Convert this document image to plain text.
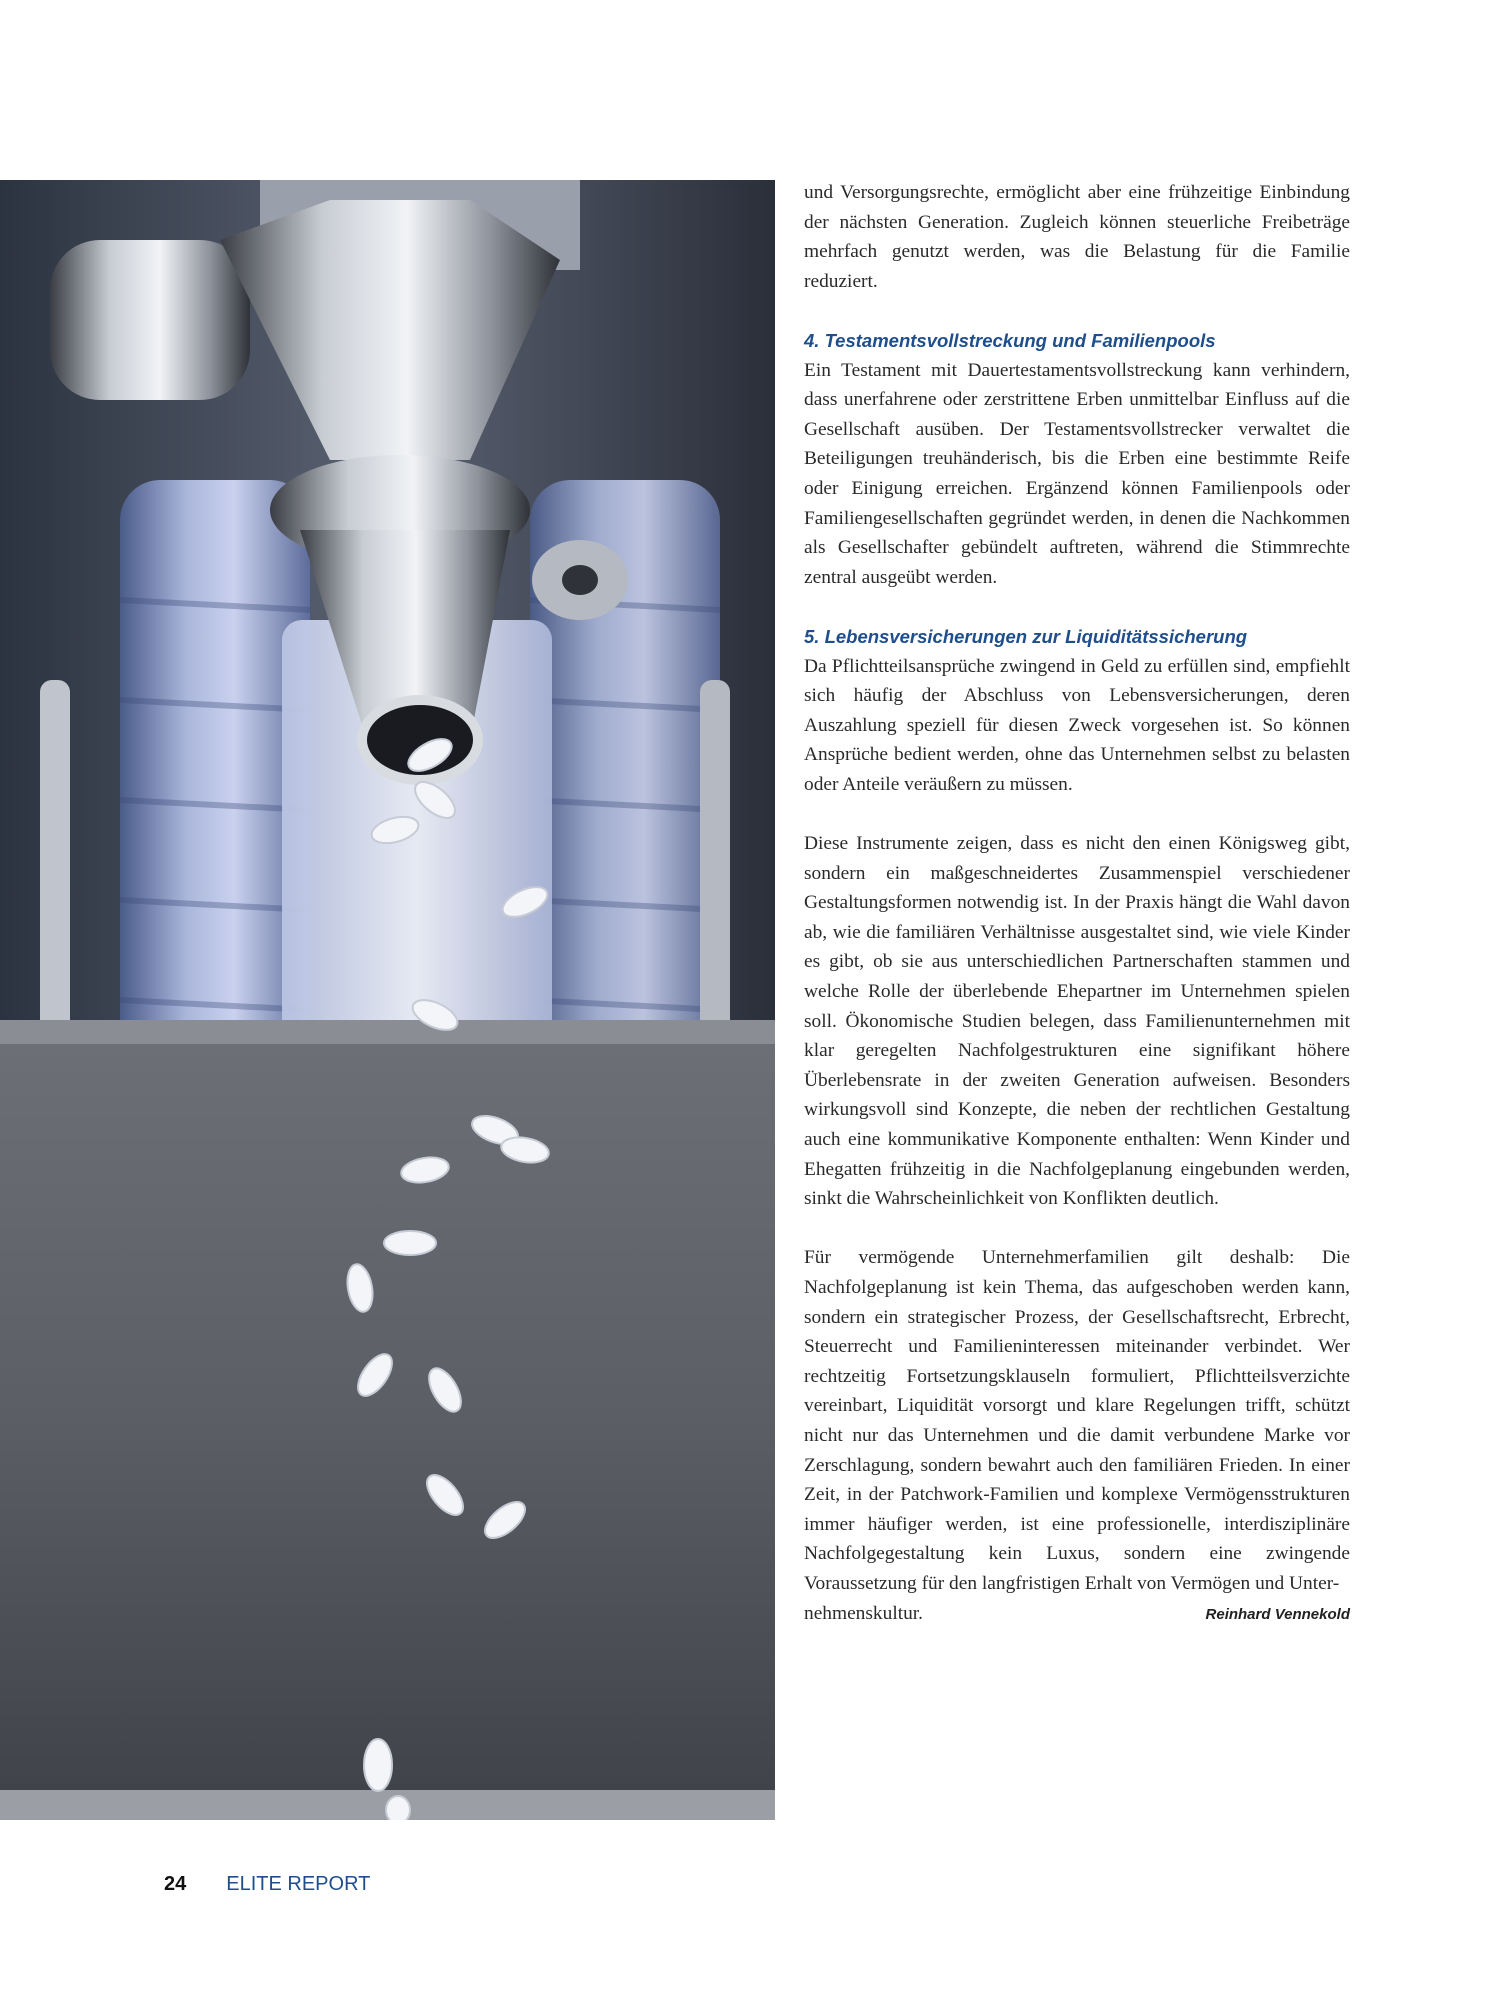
und Versorgungsrechte, ermöglicht aber eine frühzeitige Einbindung der nächsten Generation. Zugleich können steuerliche Freibeträge mehrfach genutzt werden, was die Belastung für die Familie reduziert.

4. Testamentsvollstreckung und Familienpools

Ein Testament mit Dauertestamentsvollstreckung kann verhindern, dass unerfahrene oder zerstrittene Erben unmittelbar Einfluss auf die Gesellschaft ausüben. Der Testamentsvollstrecker verwaltet die Beteiligungen treuhänderisch, bis die Erben eine bestimmte Reife oder Einigung erreichen. Ergänzend können Familienpools oder Familiengesellschaften gegründet werden, in denen die Nachkommen als Gesellschafter gebündelt auftreten, während die Stimmrechte zentral ausgeübt werden.

5. Lebensversicherungen zur Liquiditätssicherung

Da Pflichtteilsansprüche zwingend in Geld zu erfüllen sind, empfiehlt sich häufig der Abschluss von Lebensversicherungen, deren Auszahlung speziell für diesen Zweck vorgesehen ist. So können Ansprüche bedient werden, ohne das Unternehmen selbst zu belasten oder Anteile veräußern zu müssen.

Diese Instrumente zeigen, dass es nicht den einen Königsweg gibt, sondern ein maßgeschneidertes Zusammenspiel verschiedener Gestaltungsformen notwendig ist. In der Praxis hängt die Wahl davon ab, wie die familiären Verhältnisse ausgestaltet sind, wie viele Kinder es gibt, ob sie aus unterschiedlichen Partnerschaften stammen und welche Rolle der überlebende Ehepartner im Unternehmen spielen soll. Ökonomische Studien belegen, dass Familienunternehmen mit klar geregelten Nachfolgestrukturen eine signifikant höhere Überlebensrate in der zweiten Generation aufweisen. Besonders wirkungsvoll sind Konzepte, die neben der rechtlichen Gestaltung auch eine kommunikative Komponente enthalten: Wenn Kinder und Ehegatten frühzeitig in die Nachfolgeplanung eingebunden werden, sinkt die Wahrscheinlichkeit von Konflikten deutlich.

Für vermögende Unternehmerfamilien gilt deshalb: Die Nachfolgeplanung ist kein Thema, das aufgeschoben werden kann, sondern ein strategischer Prozess, der Gesellschaftsrecht, Erbrecht, Steuerrecht und Familieninteressen miteinander verbindet. Wer rechtzeitig Fortsetzungsklauseln formuliert, Pflichtteilsverzichte vereinbart, Liquidität vorsorgt und klare Regelungen trifft, schützt nicht nur das Unternehmen und die damit verbundene Marke vor Zerschlagung, sondern bewahrt auch den familiären Frieden. In einer Zeit, in der Patchwork-Familien und komplexe Vermögensstrukturen immer häufiger werden, ist eine professionelle, interdisziplinäre Nachfolgegestaltung kein Luxus, sondern eine zwingende Voraussetzung für den langfristigen Erhalt von Vermögen und Unter-

nehmenskultur.	Reinhard Vennekold
24 ELITE REPORT
